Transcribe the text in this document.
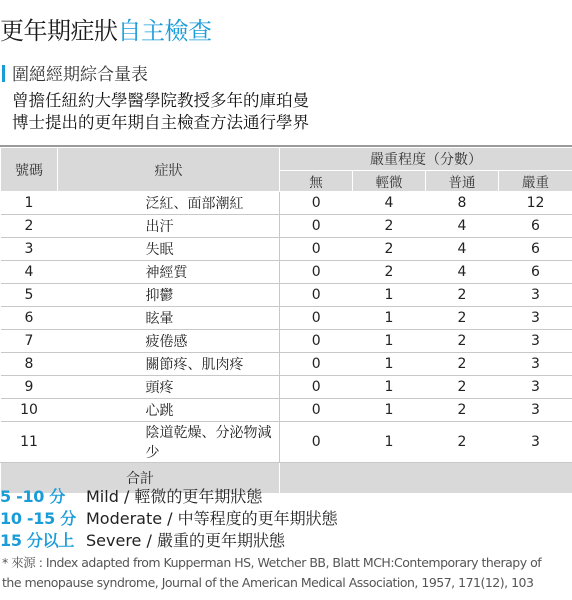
更年期症狀自主檢查
圍絕經期綜合量表
曾擔任紐約大學醫學院教授多年的庫珀曼
博士提出的更年期自主檢查方法通行學界
號碼	症狀	嚴重程度（分數）			
		無	輕微	普通	嚴重
1	泛紅、面部潮紅	0	4	8	12
2	出汗	0	2	4	6
3	失眠	0	2	4	6
4	神經質	0	2	4	6
5	抑鬱	0	1	2	3
6	眩暈	0	1	2	3
7	疲倦感	0	1	2	3
8	關節疼、肌肉疼	0	1	2	3
9	頭疼	0	1	2	3
10	心跳	0	1	2	3
11	陰道乾燥、分泌物減少	0	1	2	3
合計					
5 -10 分 Mild / 輕微的更年期狀態
10 -15 分 Moderate / 中等程度的更年期狀態
15 分以上 Severe / 嚴重的更年期狀態
* 來源 : Index adapted from Kupperman HS, Wetcher BB, Blatt MCH:Contemporary therapy of
the menopause syndrome, Journal of the American Medical Association, 1957, 171(12), 103
